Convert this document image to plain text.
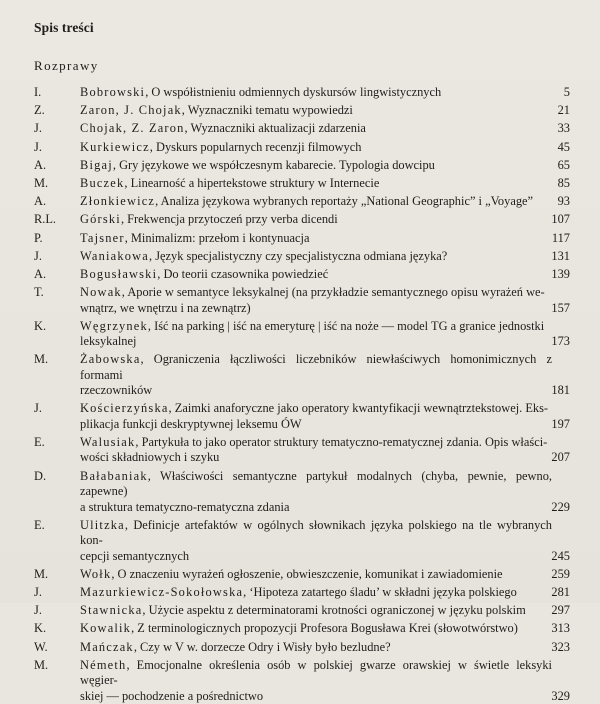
Spis treści
Rozprawy
I.	Bobrowski, O współistnieniu odmiennych dyskursów lingwistycznych	5
Z.	Zaron, J. Chojak, Wyznaczniki tematu wypowiedzi	21
J.	Chojak, Z. Zaron, Wyznaczniki aktualizacji zdarzenia	33
J.	Kurkiewicz, Dyskurs popularnych recenzji filmowych	45
A.	Bigaj, Gry językowe we współczesnym kabarecie. Typologia dowcipu	65
M.	Buczek, Linearność a hipertekstowe struktury w Internecie	85
A.	Złonkiewicz, Analiza językowa wybranych reportaży „National Geographic” i „Voyage”	93
R.L. Górski, Frekwencja przytoczeń przy verba dicendi	107
P.	Tajsner, Minimalizm: przełom i kontynuacja	117
J.	Waniakowa, Język specjalistyczny czy specjalistyczna odmiana języka?	131
A.	Bogusławski, Do teorii czasownika powiedzieć	139
T.	Nowak, Aporie w semantyce leksykalnej (na przykładzie semantycznego opisu wyrażeń we-
wnątrz, we wnętrzu i na zewnątrz)	157
K.	Węgrzynek, Iść na parking | iść na emeryturę | iść na noże — model TG a granice jednostki
leksykalnej	173
M.	Żabowska, Ograniczenia łączliwości liczebników niewłaściwych homonimicznych z formami
rzeczowników	181
J.	Kościerzyńska, Zaimki anaforyczne jako operatory kwantyfikacji wewnątrztekstowej. Eks-
plikacja funkcji deskryptywnej leksemu ÓW	197
E.	Walusiak, Partykuła to jako operator struktury tematyczno-rematycznej zdania. Opis właści-
wości składniowych i szyku	207
D.	Bałabaniak, Właściwości semantyczne partykuł modalnych (chyba, pewnie, pewno, zapewne)
a struktura tematyczno-rematyczna zdania	229
E.	Ulitzka, Definicje artefaktów w ogólnych słownikach języka polskiego na tle wybranych kon-
cepcji semantycznych	245
M.	Wołk, O znaczeniu wyrażeń ogłoszenie, obwieszczenie, komunikat i zawiadomienie	259
J.	Mazurkiewicz-Sokołowska, ‘Hipoteza zatartego śladu’ w składni języka polskiego	281
J.	Stawnicka, Użycie aspektu z determinatorami krotności ograniczonej w języku polskim	297
K.	Kowalik, Z terminologicznych propozycji Profesora Bogusława Krei (słowotwórstwo)	313
W.	Mańczak, Czy w V w. dorzecze Odry i Wisły było bezludne?	323
M.	Németh, Emocjonalne określenia osób w polskiej gwarze orawskiej w świetle leksyki węgier-
skiej — pochodzenie a pośrednictwo	329
